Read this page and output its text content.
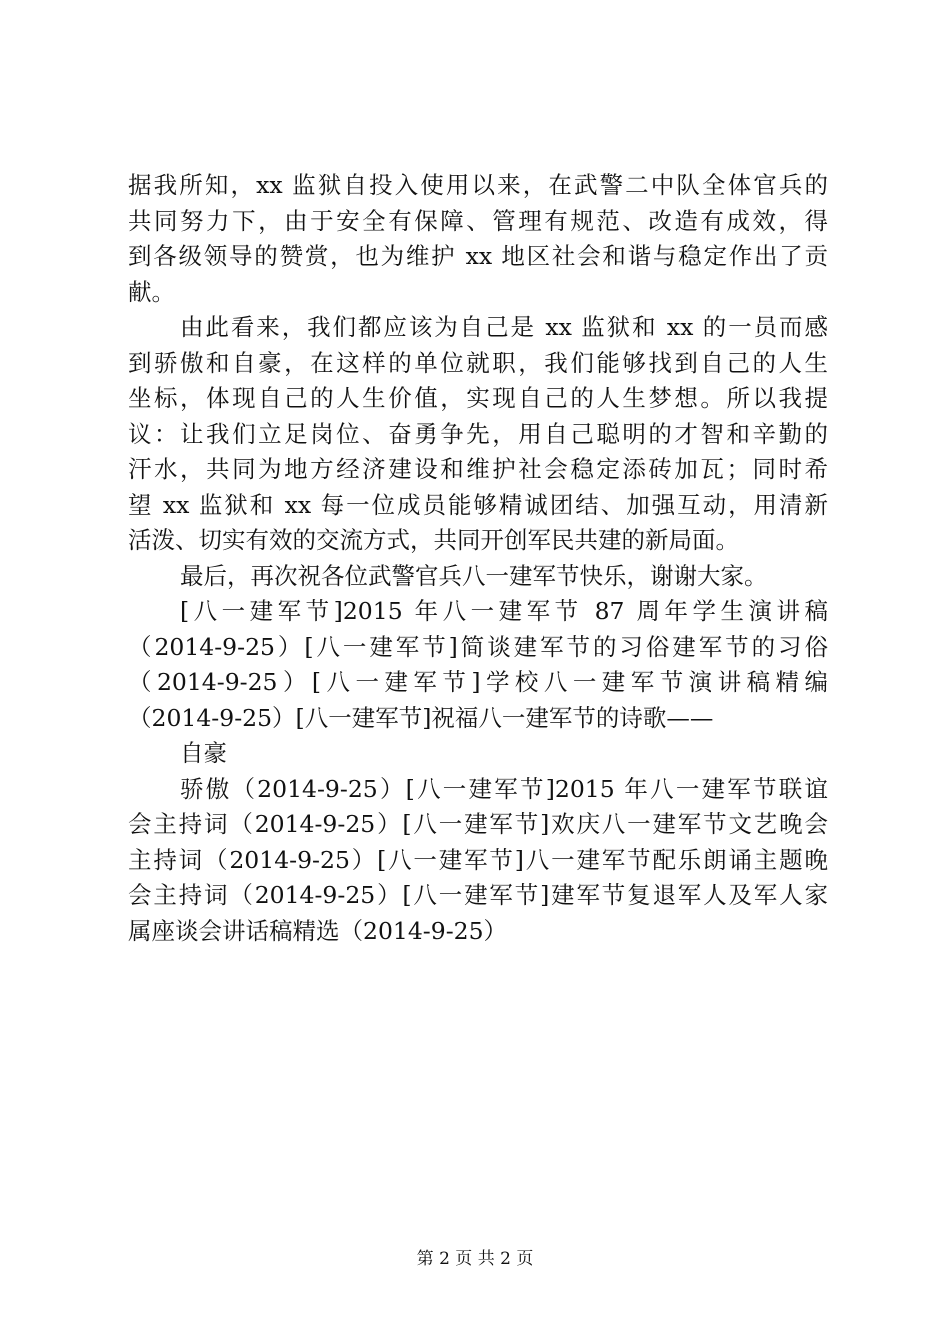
据我所知，xx 监狱自投入使用以来，在武警二中队全体官兵的
共同努力下，由于安全有保障、管理有规范、改造有成效，得
到各级领导的赞赏，也为维护 xx 地区社会和谐与稳定作出了贡
献。
由此看来，我们都应该为自己是 xx 监狱和 xx 的一员而感
到骄傲和自豪，在这样的单位就职，我们能够找到自己的人生
坐标，体现自己的人生价值，实现自己的人生梦想。所以我提
议：让我们立足岗位、奋勇争先，用自己聪明的才智和辛勤的
汗水，共同为地方经济建设和维护社会稳定添砖加瓦；同时希
望 xx 监狱和 xx 每一位成员能够精诚团结、加强互动，用清新
活泼、切实有效的交流方式，共同开创军民共建的新局面。
最后，再次祝各位武警官兵八一建军节快乐，谢谢大家。
[八一建军节]2015 年八一建军节 87 周年学生演讲稿
（2014-9-25）[八一建军节]简谈建军节的习俗建军节的习俗
（2014-9-25）[八一建军节]学校八一建军节演讲稿精编
（2014-9-25）[八一建军节]祝福八一建军节的诗歌——
自豪
骄傲（2014-9-25）[八一建军节]2015 年八一建军节联谊
会主持词（2014-9-25）[八一建军节]欢庆八一建军节文艺晚会
主持词（2014-9-25）[八一建军节]八一建军节配乐朗诵主题晚
会主持词（2014-9-25）[八一建军节]建军节复退军人及军人家
属座谈会讲话稿精选（2014-9-25）
第 2 页 共 2 页
